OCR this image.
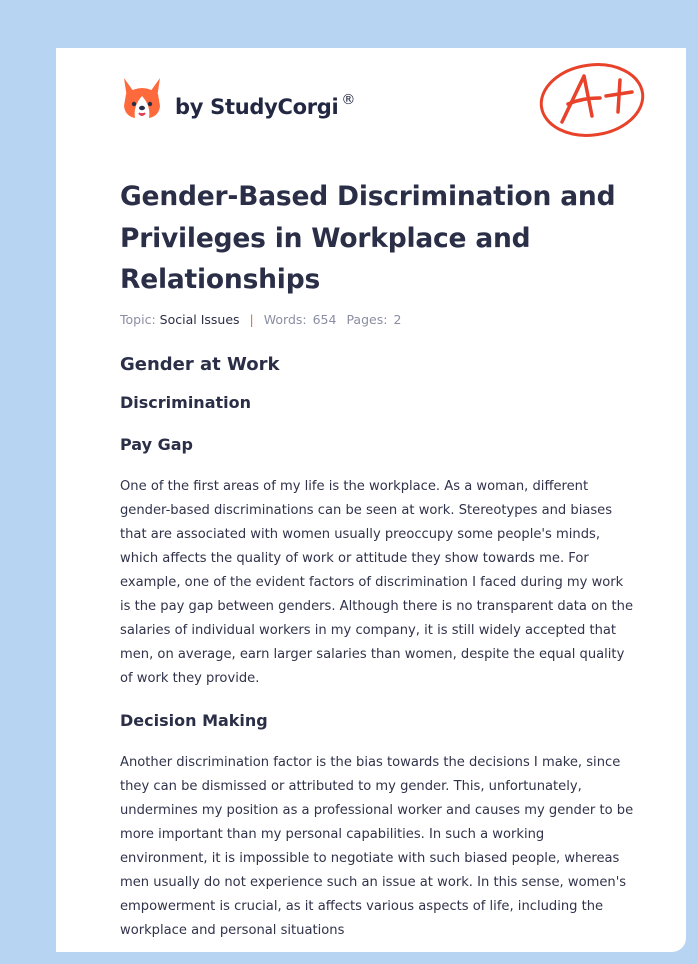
by StudyCorgi ®
Gender-Based Discrimination and Privileges in Workplace and Relationships
Topic: Social Issues | Words: 654 Pages: 2
Gender at Work
Discrimination
Pay Gap

One of the first areas of my life is the workplace. As a woman, different gender-based discriminations can be seen at work. Stereotypes and biases that are associated with women usually preoccupy some people's minds, which affects the quality of work or attitude they show towards me. For example, one of the evident factors of discrimination I faced during my work is the pay gap between genders. Although there is no transparent data on the salaries of individual workers in my company, it is still widely accepted that men, on average, earn larger salaries than women, despite the equal quality of work they provide.

Decision Making

Another discrimination factor is the bias towards the decisions I make, since they can be dismissed or attributed to my gender. This, unfortunately, undermines my position as a professional worker and causes my gender to be more important than my personal capabilities. In such a working environment, it is impossible to negotiate with such biased people, whereas men usually do not experience such an issue at work. In this sense, women's empowerment is crucial, as it affects various aspects of life, including the workplace and personal situations
